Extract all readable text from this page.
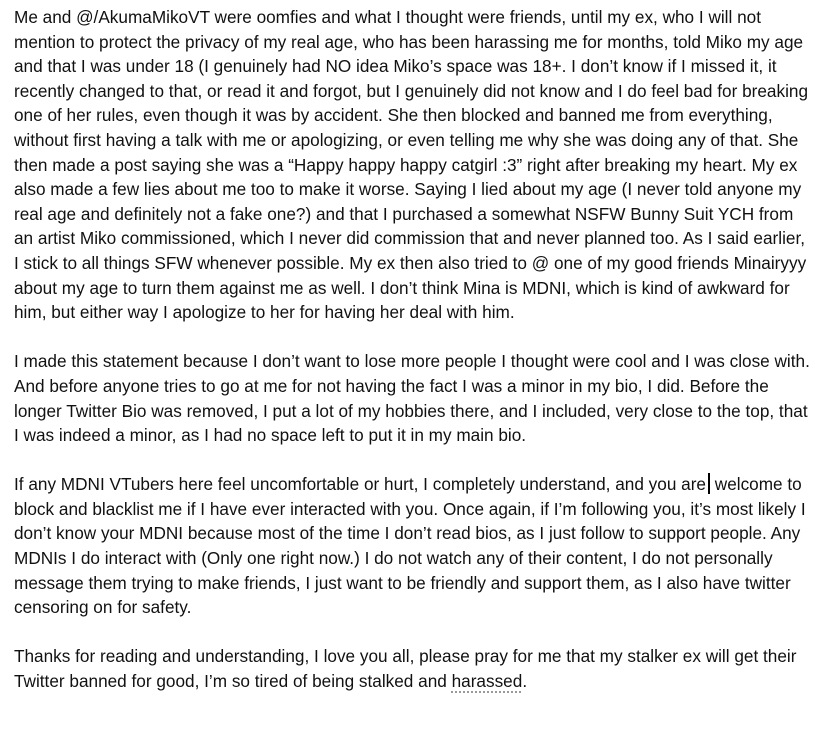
Me and @/AkumaMikoVT were oomfies and what I thought were friends, until my ex, who I will not mention to protect the privacy of my real age, who has been harassing me for months, told Miko my age and that I was under 18 (I genuinely had NO idea Miko’s space was 18+. I don’t know if I missed it, it recently changed to that, or read it and forgot, but I genuinely did not know and I do feel bad for breaking one of her rules, even though it was by accident. She then blocked and banned me from everything, without first having a talk with me or apologizing, or even telling me why she was doing any of that. She then made a post saying she was a “Happy happy happy catgirl :3” right after breaking my heart. My ex also made a few lies about me too to make it worse. Saying I lied about my age (I never told anyone my real age and definitely not a fake one?) and that I purchased a somewhat NSFW Bunny Suit YCH from an artist Miko commissioned, which I never did commission that and never planned too. As I said earlier, I stick to all things SFW whenever possible. My ex then also tried to @ one of my good friends Minairyyy about my age to turn them against me as well. I don’t think Mina is MDNI, which is kind of awkward for him, but either way I apologize to her for having her deal with him.

I made this statement because I don’t want to lose more people I thought were cool and I was close with. And before anyone tries to go at me for not having the fact I was a minor in my bio, I did. Before the longer Twitter Bio was removed, I put a lot of my hobbies there, and I included, very close to the top, that I was indeed a minor, as I had no space left to put it in my main bio.

If any MDNI VTubers here feel uncomfortable or hurt, I completely understand, and you are welcome to block and blacklist me if I have ever interacted with you. Once again, if I’m following you, it’s most likely I don’t know your MDNI because most of the time I don’t read bios, as I just follow to support people. Any MDNIs I do interact with (Only one right now.) I do not watch any of their content, I do not personally message them trying to make friends, I just want to be friendly and support them, as I also have twitter censoring on for safety.

Thanks for reading and understanding, I love you all, please pray for me that my stalker ex will get their Twitter banned for good, I’m so tired of being stalked and harassed.
